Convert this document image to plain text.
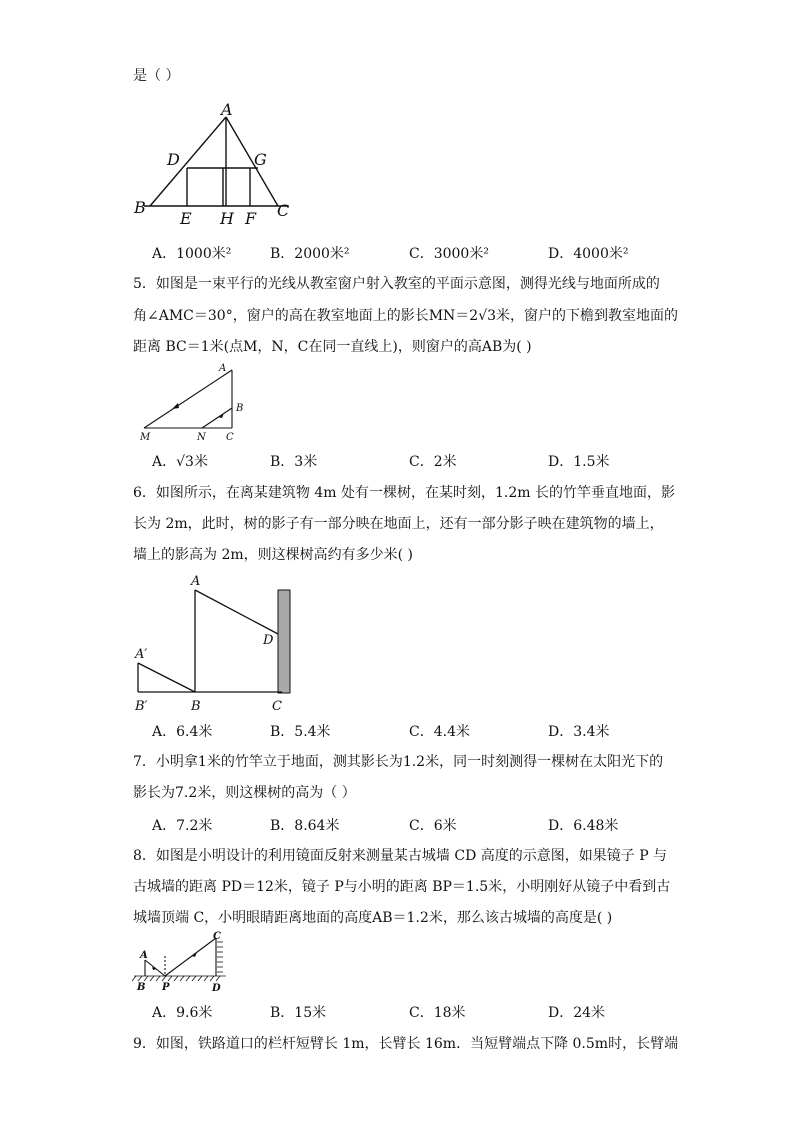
是（ ）
A
D	G
B
E H F C
A．1000米²	B．2000米²	C．3000米²	D．4000米²
5．如图是一束平行的光线从教室窗户射入教室的平面示意图，测得光线与地面所成的
角∠AMC＝30°，窗户的高在教室地面上的影长MN＝2√3米，窗户的下檐到教室地面的
距离 BC＝1米(点M，N，C在同一直线上)，则窗户的高AB为( )
A
B
M	N C
A．√3米	B．3米	C．2米	D．1.5米
6．如图所示，在离某建筑物 4m 处有一棵树，在某时刻，1.2m 长的竹竿垂直地面，影
长为 2m，此时，树的影子有一部分映在地面上，还有一部分影子映在建筑物的墙上，
墙上的影高为 2m，则这棵树高约有多少米( )
A
A′
B′	B	C
D
A．6.4米	B．5.4米	C．4.4米	D．3.4米
7．小明拿1米的竹竿立于地面，测其影长为1.2米，同一时刻测得一棵树在太阳光下的
影长为7.2米，则这棵树的高为（ ）
A．7.2米	B．8.64米	C．6米	D．6.48米
8．如图是小明设计的利用镜面反射来测量某古城墙 CD 高度的示意图，如果镜子 P 与
古城墙的距离 PD＝12米，镜子 P与小明的距离 BP＝1.5米，小明刚好从镜子中看到古
城墙顶端 C，小明眼睛距离地面的高度AB＝1.2米，那么该古城墙的高度是( )
A
B P
C
D
A．9.6米	B．15米	C．18米	D．24米
9．如图，铁路道口的栏杆短臂长 1m，长臂长 16m．当短臂端点下降 0.5m时，长臂端
